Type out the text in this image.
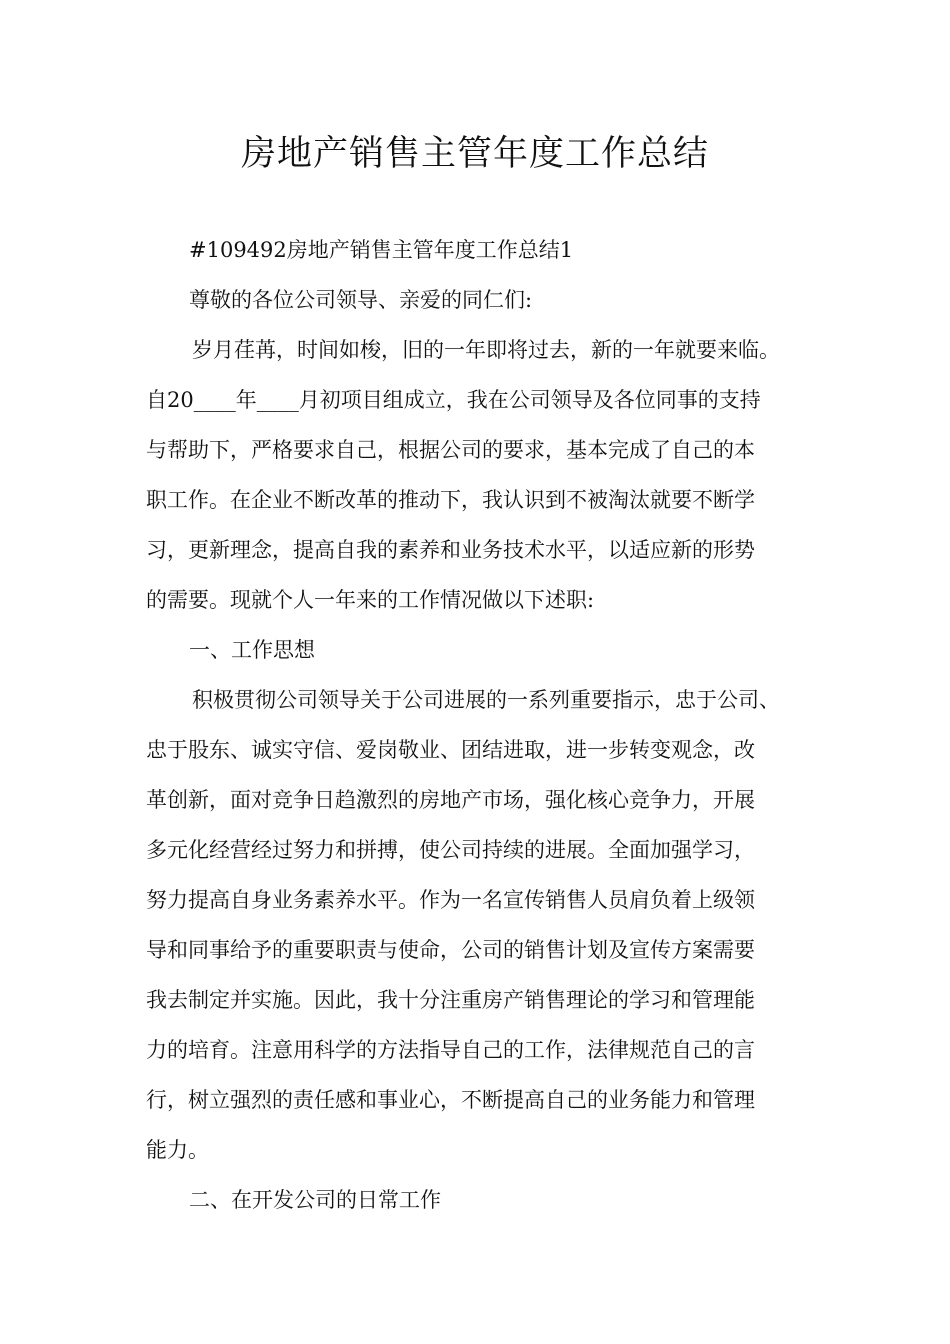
房地产销售主管年度工作总结

#109492房地产销售主管年度工作总结1

尊敬的各位公司领导、亲爱的同仁们:

岁月荏苒，时间如梭，旧的一年即将过去，新的一年就要来临。

自20____年____月初项目组成立，我在公司领导及各位同事的支持

与帮助下，严格要求自己，根据公司的要求，基本完成了自己的本

职工作。在企业不断改革的推动下，我认识到不被淘汰就要不断学

习，更新理念，提高自我的素养和业务技术水平，以适应新的形势

的需要。现就个人一年来的工作情况做以下述职:

一、工作思想

积极贯彻公司领导关于公司进展的一系列重要指示，忠于公司、

忠于股东、诚实守信、爱岗敬业、团结进取，进一步转变观念，改

革创新，面对竞争日趋激烈的房地产市场，强化核心竞争力，开展

多元化经营经过努力和拼搏，使公司持续的进展。全面加强学习，

努力提高自身业务素养水平。作为一名宣传销售人员肩负着上级领

导和同事给予的重要职责与使命，公司的销售计划及宣传方案需要

我去制定并实施。因此，我十分注重房产销售理论的学习和管理能

力的培育。注意用科学的方法指导自己的工作，法律规范自己的言

行，树立强烈的责任感和事业心，不断提高自己的业务能力和管理

能力。

二、在开发公司的日常工作
